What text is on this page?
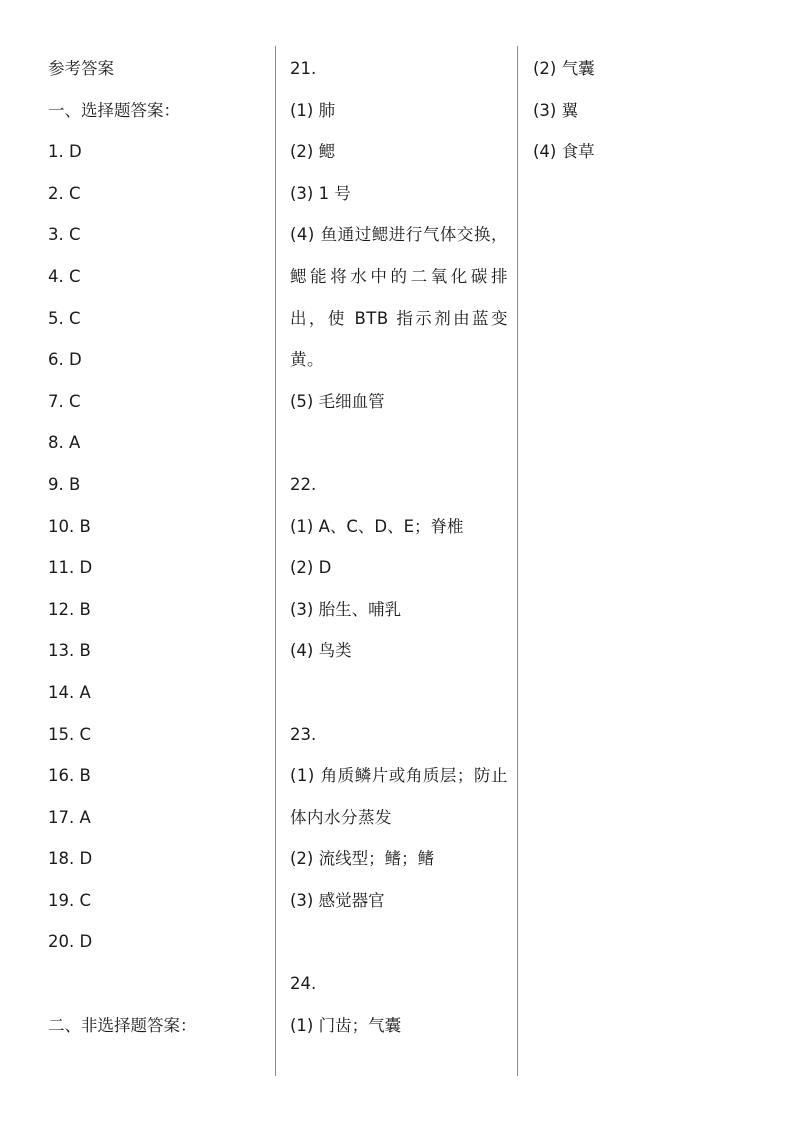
参考答案
一、选择题答案：
1. D
2. C
3. C
4. C
5. C
6. D
7. C
8. A
9. B
10. B
11. D
12. B
13. B
14. A
15. C
16. B
17. A
18. D
19. C
20. D
二、非选择题答案：
21.
(1) 肺
(2) 鳃
(3) 1 号
(4) 鱼通过鳃进行气体交换，鳃能将水中的二氧化碳排出，使 BTB 指示剂由蓝变黄。
(5) 毛细血管
22.
(1) A、C、D、E；脊椎
(2) D
(3) 胎生、哺乳
(4) 鸟类
23.
(1) 角质鳞片或角质层；防止体内水分蒸发
(2) 流线型；鳍；鳍
(3) 感觉器官
24.
(1) 门齿；气囊
(2) 气囊
(3) 翼
(4) 食草
